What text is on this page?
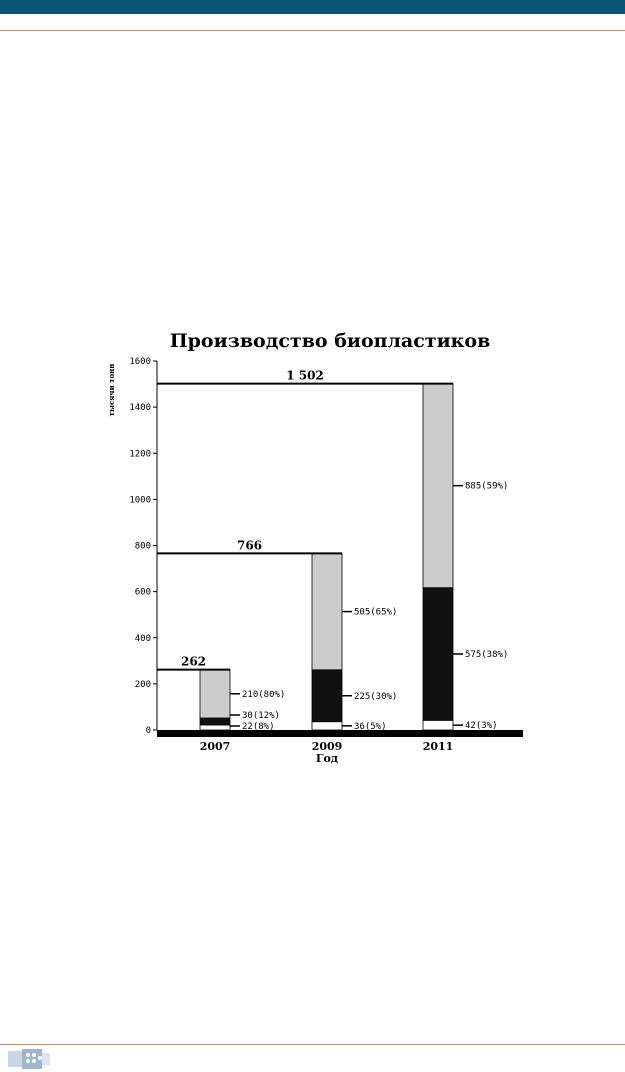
Производство биопластиков
0
200
400
600
800
1000
1200
1400
1600
тысячи тонн
262
2007
22(8%)
30(12%)
210(80%)
766
2009
36(5%)
225(30%)
505(65%)
1 502
2011
42(3%)
575(38%)
885(59%)
Год
